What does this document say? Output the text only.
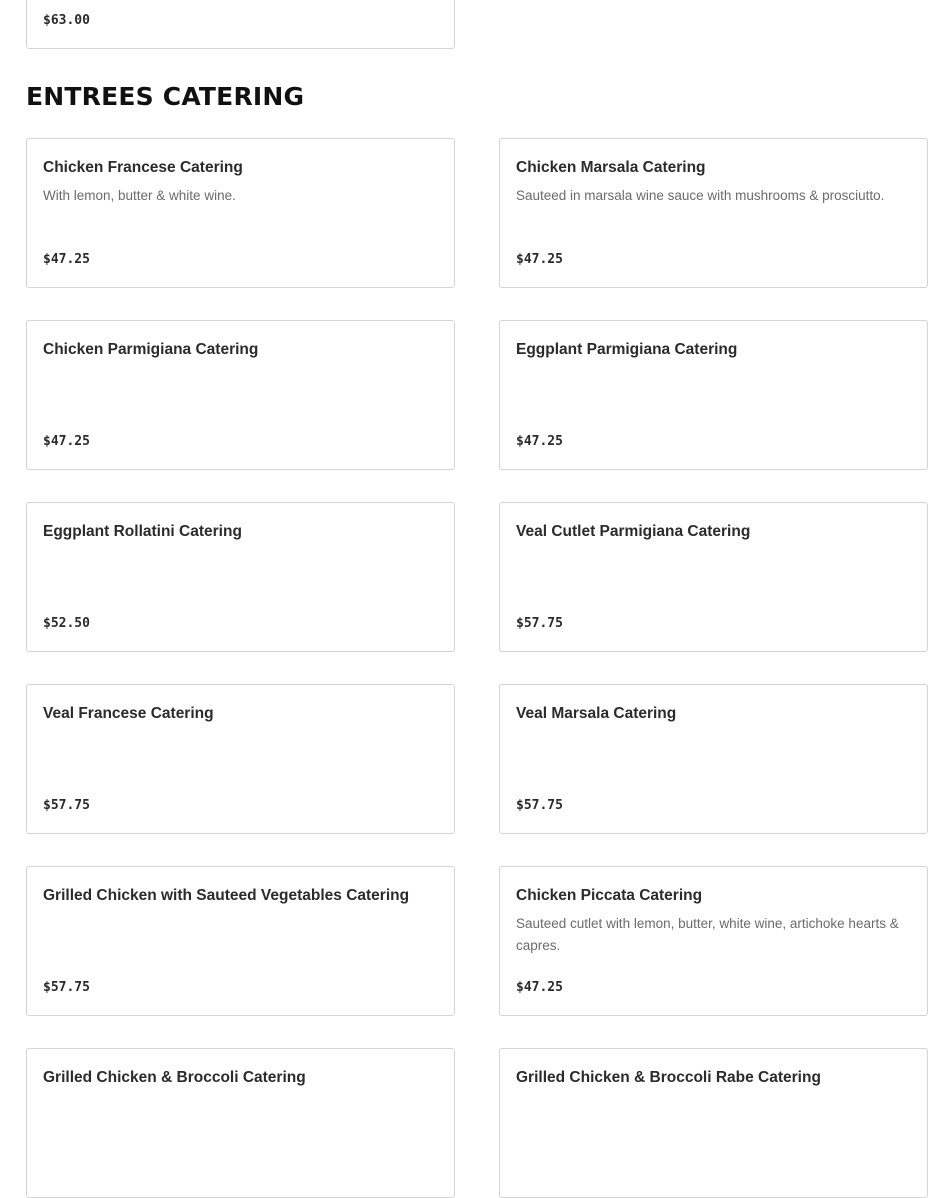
$63.00
ENTREES CATERING
Chicken Francese Catering
With lemon, butter & white wine.
$47.25
Chicken Marsala Catering
Sauteed in marsala wine sauce with mushrooms & prosciutto.
$47.25
Chicken Parmigiana Catering
$47.25
Eggplant Parmigiana Catering
$47.25
Eggplant Rollatini Catering
$52.50
Veal Cutlet Parmigiana Catering
$57.75
Veal Francese Catering
$57.75
Veal Marsala Catering
$57.75
Grilled Chicken with Sauteed Vegetables Catering
$57.75
Chicken Piccata Catering
Sauteed cutlet with lemon, butter, white wine, artichoke hearts & capres.
$47.25
Grilled Chicken & Broccoli Catering	Grilled Chicken & Broccoli Rabe Catering
